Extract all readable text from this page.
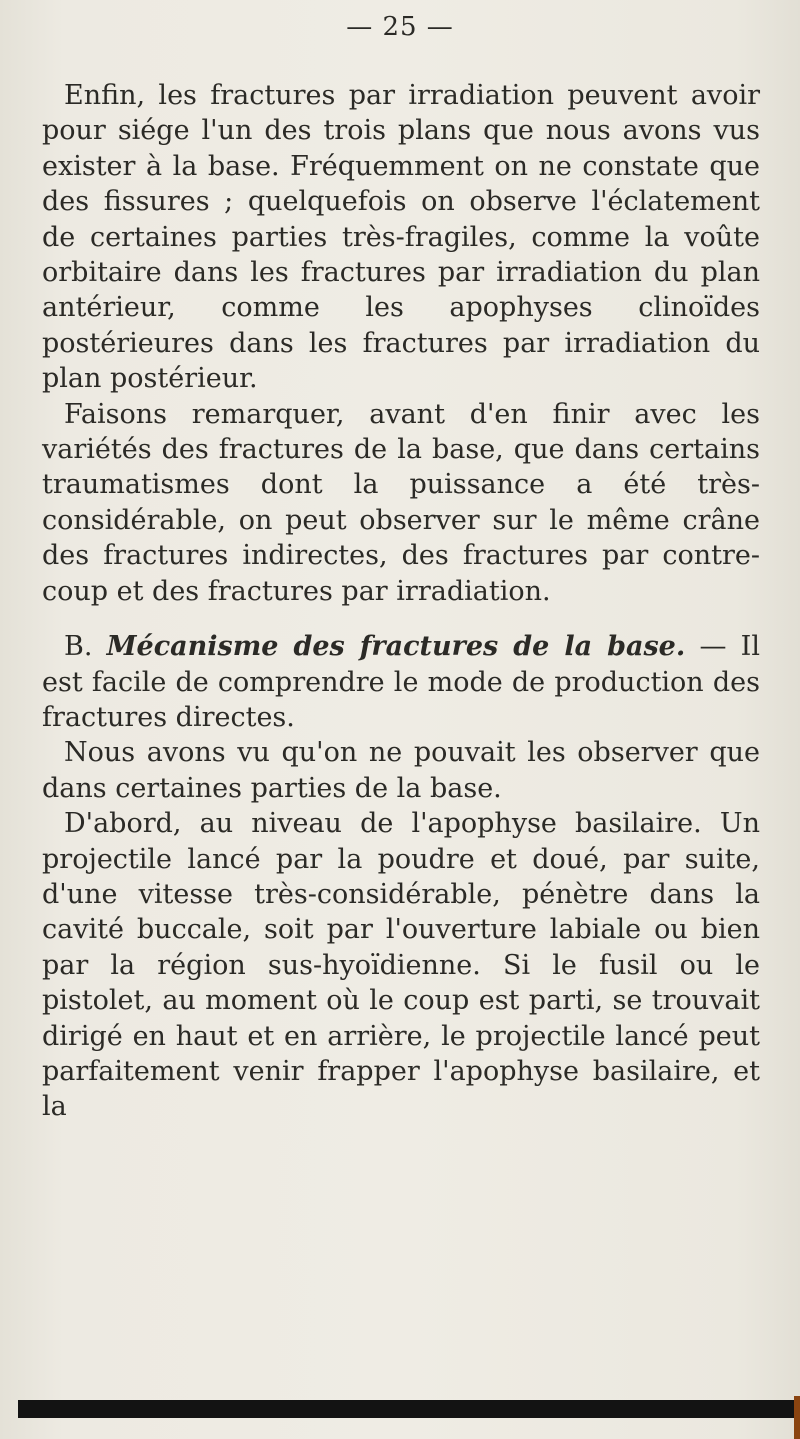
— 25 —

Enfin, les fractures par irradiation peuvent avoir pour siége l'un des trois plans que nous avons vus exister à la base. Fréquemment on ne constate que des fissures ; quelquefois on observe l'éclatement de certaines parties très-fragiles, comme la voûte orbitaire dans les fractures par irradiation du plan antérieur, comme les apophyses clinoïdes postérieures dans les fractures par irradiation du plan postérieur.

Faisons remarquer, avant d'en finir avec les variétés des fractures de la base, que dans certains traumatismes dont la puissance a été très-considérable, on peut observer sur le même crâne des fractures indirectes, des fractures par contre-coup et des fractures par irradiation.

B. Mécanisme des fractures de la base. — Il est facile de comprendre le mode de production des fractures directes.

Nous avons vu qu'on ne pouvait les observer que dans certaines parties de la base.

D'abord, au niveau de l'apophyse basilaire. Un projectile lancé par la poudre et doué, par suite, d'une vitesse très-considérable, pénètre dans la cavité buccale, soit par l'ouverture labiale ou bien par la région sus-hyoïdienne. Si le fusil ou le pistolet, au moment où le coup est parti, se trouvait dirigé en haut et en arrière, le projectile lancé peut parfaitement venir frapper l'apophyse basilaire, et la
